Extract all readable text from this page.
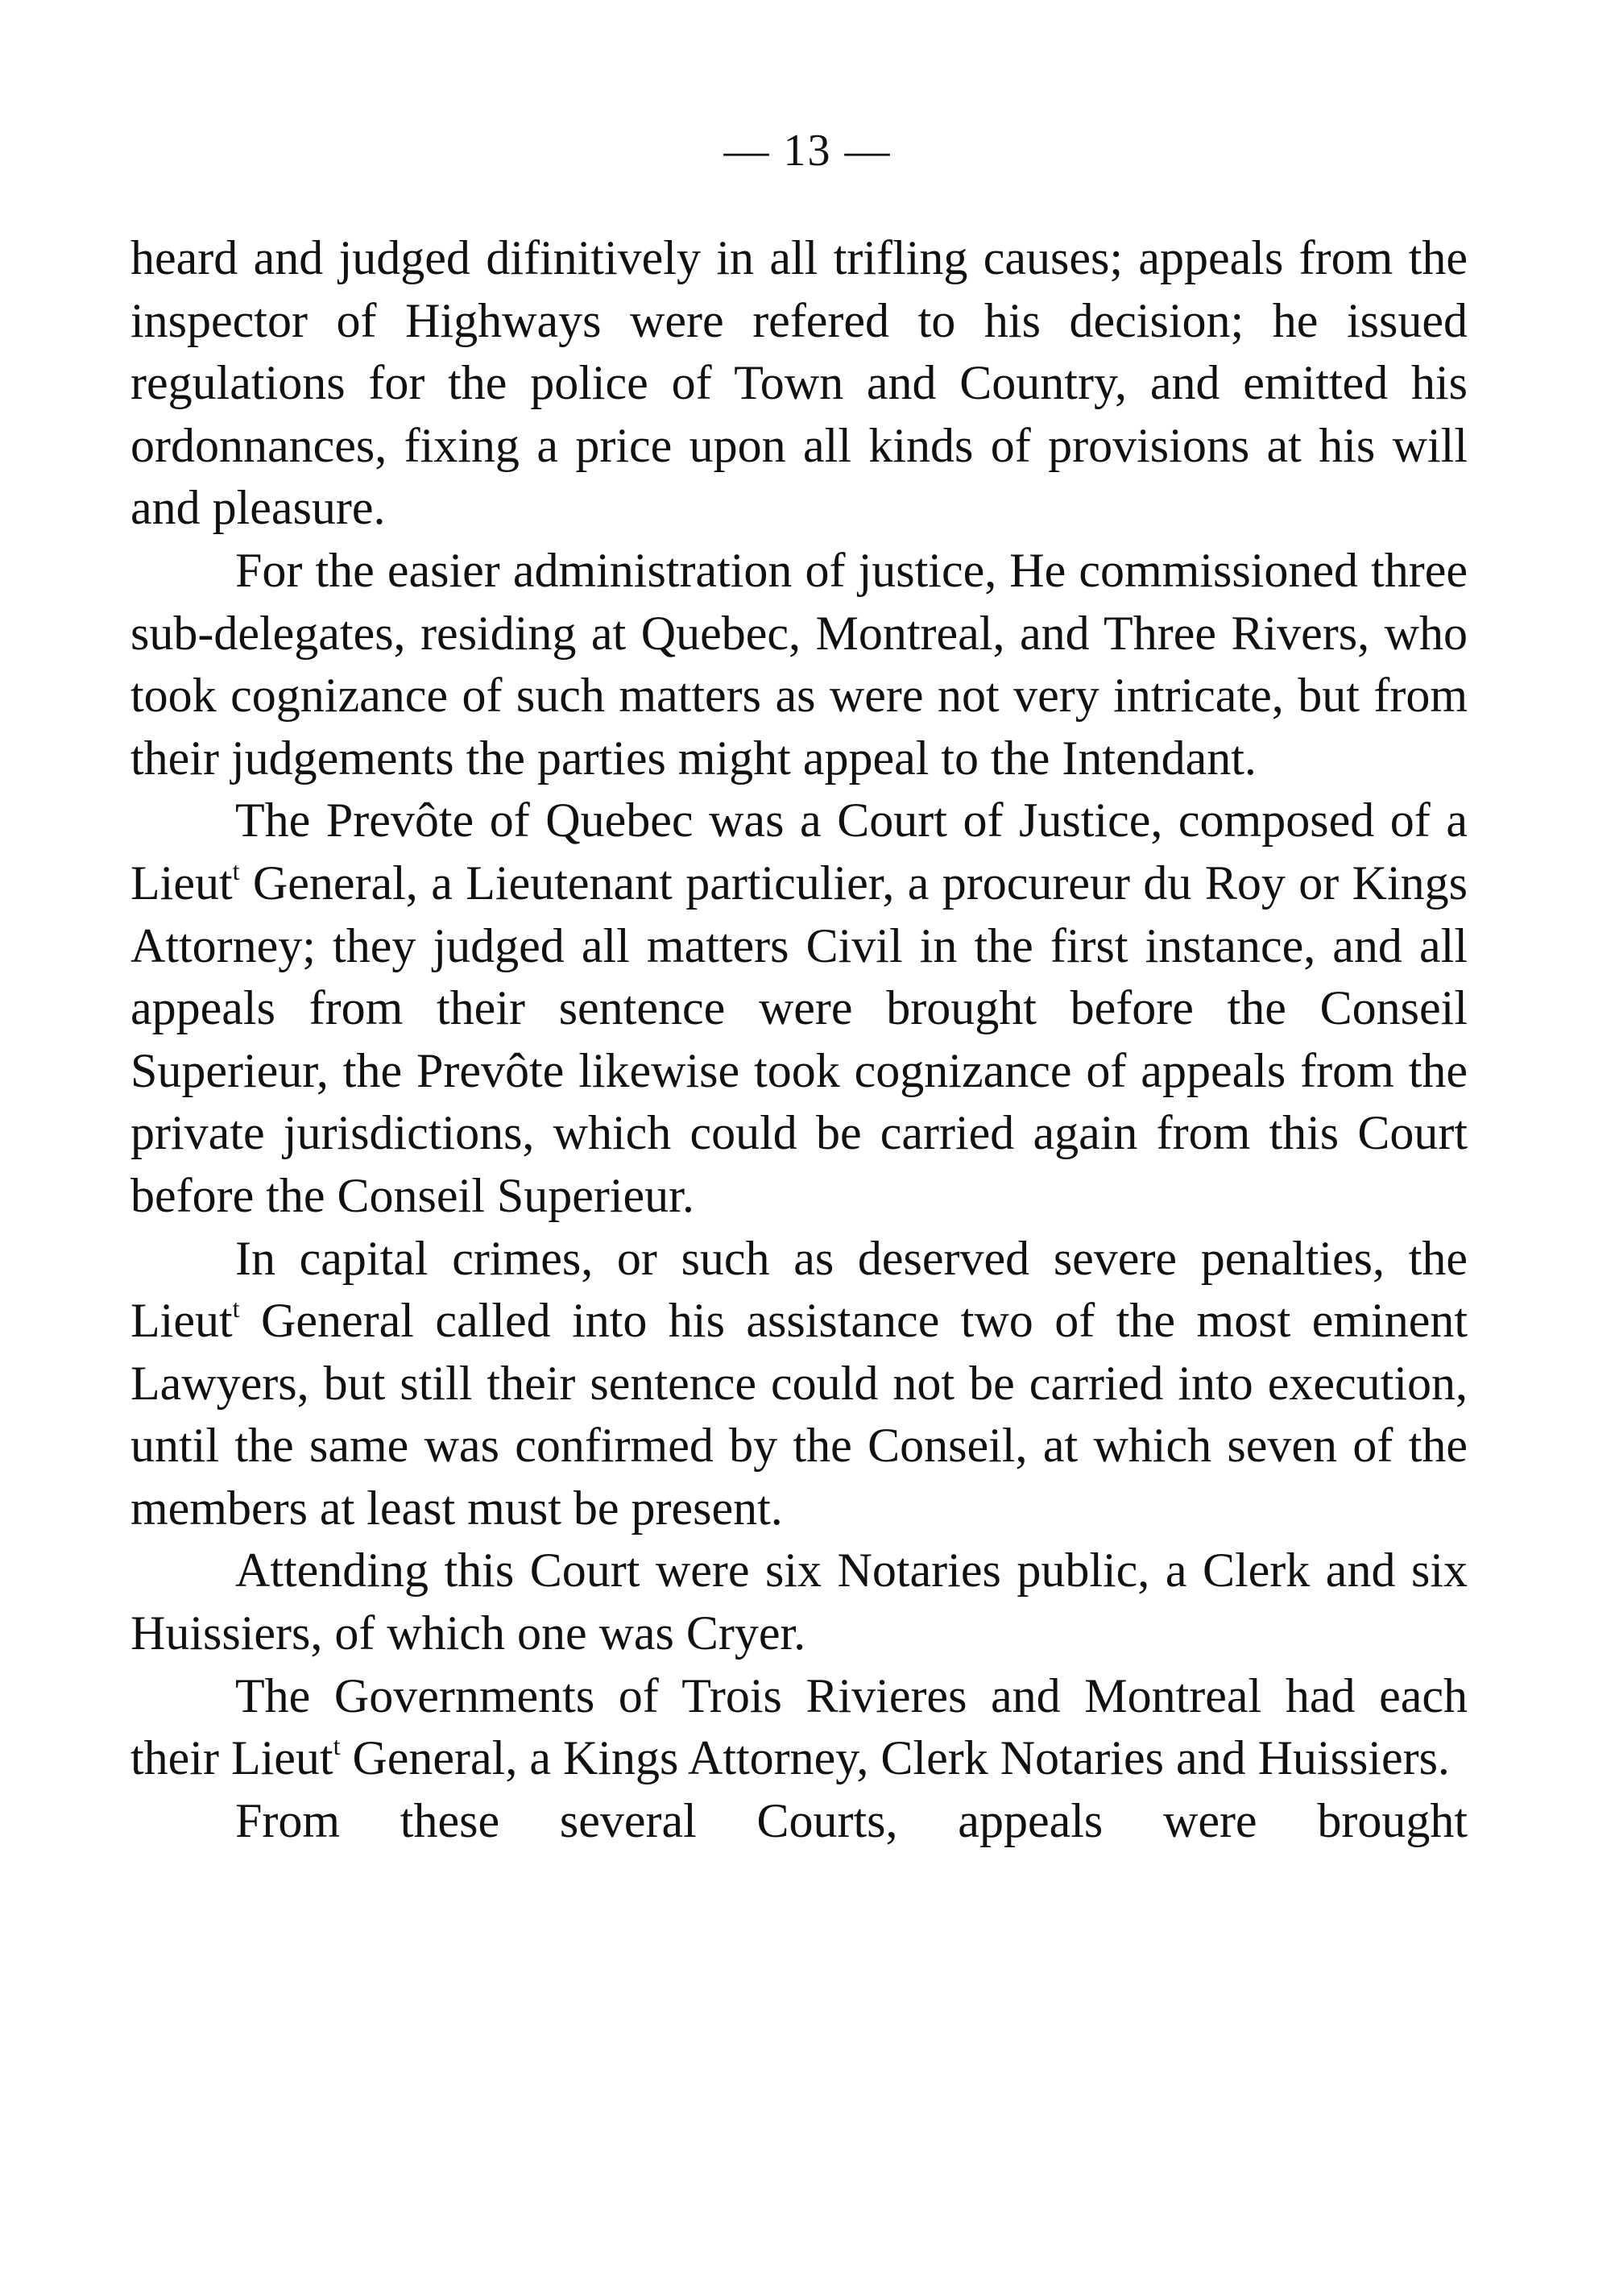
— 13 —

heard and judged difinitively in all trifling causes; appeals from the inspector of Highways were refered to his decision; he issued regulations for the police of Town and Country, and emitted his ordonnances, fixing a price upon all kinds of provisions at his will and pleasure.

For the easier administration of justice, He commissioned three sub-delegates, residing at Quebec, Montreal, and Three Rivers, who took cognizance of such matters as were not very intricate, but from their judgements the parties might appeal to the Intendant.

The Prevôte of Quebec was a Court of Justice, composed of a Lieut$^t$ General, a Lieutenant particulier, a procureur du Roy or Kings Attorney; they judged all matters Civil in the first instance, and all appeals from their sentence were brought before the Conseil Superieur, the Prevôte likewise took cognizance of appeals from the private jurisdictions, which could be carried again from this Court before the Conseil Superieur.

In capital crimes, or such as deserved severe penalties, the Lieut$^t$ General called into his assistance two of the most eminent Lawyers, but still their sentence could not be carried into execution, until the same was confirmed by the Conseil, at which seven of the members at least must be present.

Attending this Court were six Notaries public, a Clerk and six Huissiers, of which one was Cryer.

The Governments of Trois Rivieres and Montreal had each their Lieut$^t$ General, a Kings Attorney, Clerk Notaries and Huissiers.

From these several Courts, appeals were brought
